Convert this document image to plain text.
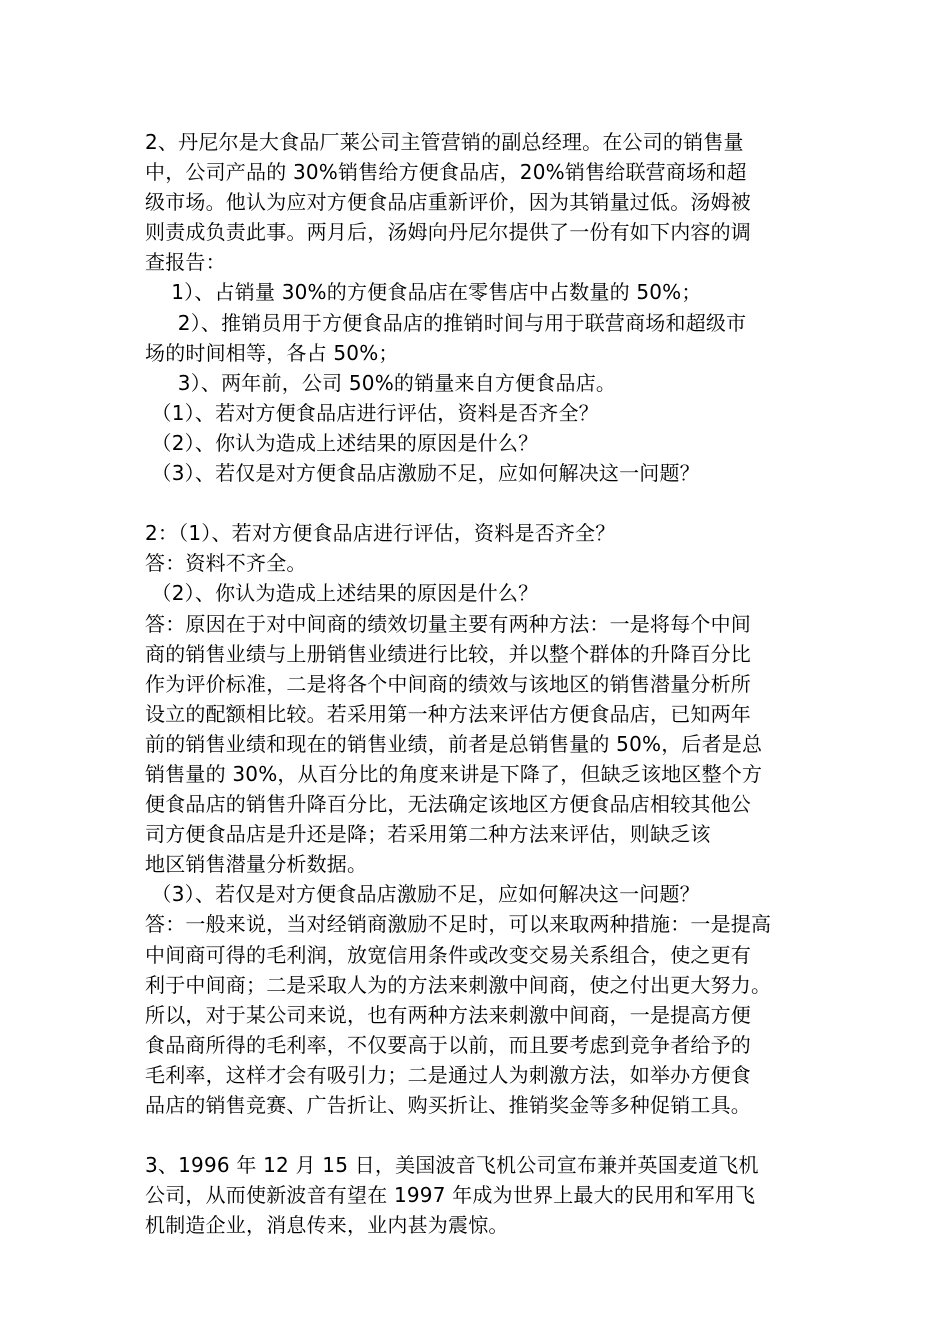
2、丹尼尔是大食品厂莱公司主管营销的副总经理。在公司的销售量
中，公司产品的 30%销售给方便食品店，20%销售给联营商场和超
级市场。他认为应对方便食品店重新评价，因为其销量过低。汤姆被
则责成负责此事。两月后，汤姆向丹尼尔提供了一份有如下内容的调
查报告：
1）、占销量 30%的方便食品店在零售店中占数量的 50%；
2）、推销员用于方便食品店的推销时间与用于联营商场和超级市
场的时间相等，各占 50%；
3）、两年前，公司 50%的销量来自方便食品店。
（1）、若对方便食品店进行评估，资料是否齐全？
（2）、你认为造成上述结果的原因是什么？
（3）、若仅是对方便食品店激励不足，应如何解决这一问题？
2：（1）、若对方便食品店进行评估，资料是否齐全？
答：资料不齐全。
（2）、你认为造成上述结果的原因是什么？
答：原因在于对中间商的绩效切量主要有两种方法：一是将每个中间
商的销售业绩与上册销售业绩进行比较，并以整个群体的升降百分比
作为评价标准，二是将各个中间商的绩效与该地区的销售潜量分析所
设立的配额相比较。若采用第一种方法来评估方便食品店，已知两年
前的销售业绩和现在的销售业绩，前者是总销售量的 50%，后者是总
销售量的 30%，从百分比的角度来讲是下降了，但缺乏该地区整个方
便食品店的销售升降百分比，无法确定该地区方便食品店相较其他公
司方便食品店是升还是降；若采用第二种方法来评估，则缺乏该
地区销售潜量分析数据。
（3）、若仅是对方便食品店激励不足，应如何解决这一问题？
答：一般来说，当对经销商激励不足时，可以来取两种措施：一是提高
中间商可得的毛利润，放宽信用条件或改变交易关系组合，使之更有
利于中间商；二是采取人为的方法来刺激中间商，使之付出更大努力。
所以，对于某公司来说，也有两种方法来刺激中间商，一是提高方便
食品商所得的毛利率，不仅要高于以前，而且要考虑到竞争者给予的
毛利率，这样才会有吸引力；二是通过人为刺激方法，如举办方便食
品店的销售竞赛、广告折让、购买折让、推销奖金等多种促销工具。
3、1996 年 12 月 15 日，美国波音飞机公司宣布兼并英国麦道飞机
公司，从而使新波音有望在 1997 年成为世界上最大的民用和军用飞
机制造企业，消息传来，业内甚为震惊。
